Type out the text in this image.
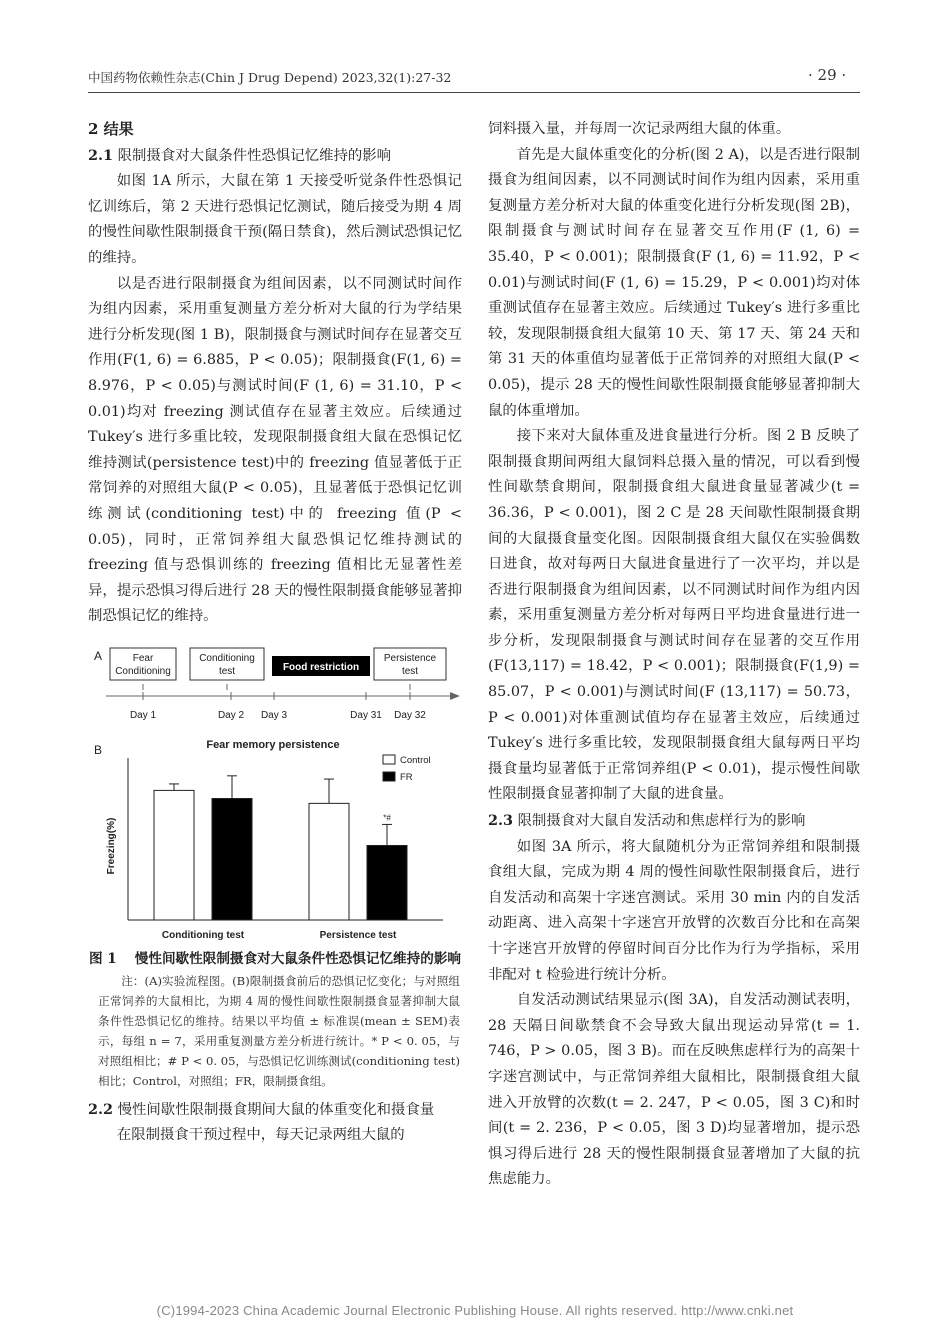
中国药物依赖性杂志(Chin J Drug Depend) 2023,32(1):27-32	· 29 ·
2 结果

2.1 限制摄食对大鼠条件性恐惧记忆维持的影响

如图 1A 所示，大鼠在第 1 天接受听觉条件性恐惧记忆训练后，第 2 天进行恐惧记忆测试，随后接受为期 4 周的慢性间歇性限制摄食干预(隔日禁食)，然后测试恐惧记忆的维持。

以是否进行限制摄食为组间因素，以不同测试时间作为组内因素，采用重复测量方差分析对大鼠的行为学结果进行分析发现(图 1 B)，限制摄食与测试时间存在显著交互作用(F(1, 6) = 6.885，P < 0.05)；限制摄食(F(1, 6) = 8.976，P < 0.05)与测试时间(F (1, 6) = 31.10，P < 0.01)均对 freezing 测试值存在显著主效应。后续通过 Tukey′s 进行多重比较，发现限制摄食组大鼠在恐惧记忆维持测试(persistence test)中的 freezing 值显著低于正常饲养的对照组大鼠(P < 0.05)，且显著低于恐惧记忆训练测试(conditioning test)中的 freezing 值(P < 0.05)，同时，正常饲养组大鼠恐惧记忆维持测试的 freezing 值与恐惧训练的 freezing 值相比无显著性差异，提示恐惧习得后进行 28 天的慢性限制摄食能够显著抑制恐惧记忆的维持。

A	Fear
Conditioning
Conditioning
test	Food restriction
Persistence
test
Day 1	Day 2 Day 3	Day 31 Day 32
B	Fear memory persistence
Control
FR
Freezing(%)	*#
Conditioning test	Persistence test

图 1 慢性间歇性限制摄食对大鼠条件性恐惧记忆维持的影响

注：(A)实验流程图。(B)限制摄食前后的恐惧记忆变化；与对照组正常饲养的大鼠相比，为期 4 周的慢性间歇性限制摄食显著抑制大鼠条件性恐惧记忆的维持。结果以平均值 ± 标准误(mean ± SEM)表示，每组 n = 7，采用重复测量方差分析进行统计。* P < 0. 05，与对照组相比；# P < 0. 05，与恐惧记忆训练测试(conditioning test)相比；Control，对照组；FR，限制摄食组。

2.2 慢性间歇性限制摄食期间大鼠的体重变化和摄食量

在限制摄食干预过程中，每天记录两组大鼠的

饲料摄入量，并每周一次记录两组大鼠的体重。

首先是大鼠体重变化的分析(图 2 A)，以是否进行限制摄食为组间因素，以不同测试时间作为组内因素，采用重复测量方差分析对大鼠的体重变化进行分析发现(图 2B)，限制摄食与测试时间存在显著交互作用(F (1, 6) = 35.40，P < 0.001)；限制摄食(F (1, 6) = 11.92，P < 0.01)与测试时间(F (1, 6) = 15.29，P < 0.001)均对体重测试值存在显著主效应。后续通过 Tukey′s 进行多重比较，发现限制摄食组大鼠第 10 天、第 17 天、第 24 天和第 31 天的体重值均显著低于正常饲养的对照组大鼠(P < 0.05)，提示 28 天的慢性间歇性限制摄食能够显著抑制大鼠的体重增加。

接下来对大鼠体重及进食量进行分析。图 2 B 反映了限制摄食期间两组大鼠饲料总摄入量的情况，可以看到慢性间歇禁食期间，限制摄食组大鼠进食量显著减少(t = 36.36，P < 0.001)，图 2 C 是 28 天间歇性限制摄食期间的大鼠摄食量变化图。因限制摄食组大鼠仅在实验偶数日进食，故对每两日大鼠进食量进行了一次平均，并以是否进行限制摄食为组间因素，以不同测试时间作为组内因素，采用重复测量方差分析对每两日平均进食量进行进一步分析，发现限制摄食与测试时间存在显著的交互作用(F(13,117) = 18.42，P < 0.001)；限制摄食(F(1,9) = 85.07，P < 0.001)与测试时间(F (13,117) = 50.73，P < 0.001)对体重测试值均存在显著主效应，后续通过 Tukey′s 进行多重比较，发现限制摄食组大鼠每两日平均摄食量均显著低于正常饲养组(P < 0.01)，提示慢性间歇性限制摄食显著抑制了大鼠的进食量。

2.3 限制摄食对大鼠自发活动和焦虑样行为的影响

如图 3A 所示，将大鼠随机分为正常饲养组和限制摄食组大鼠，完成为期 4 周的慢性间歇性限制摄食后，进行自发活动和高架十字迷宫测试。采用 30 min 内的自发活动距离、进入高架十字迷宫开放臂的次数百分比和在高架十字迷宫开放臂的停留时间百分比作为行为学指标，采用非配对 t 检验进行统计分析。

自发活动测试结果显示(图 3A)，自发活动测试表明，28 天隔日间歇禁食不会导致大鼠出现运动异常(t = 1. 746，P > 0.05，图 3 B)。而在反映焦虑样行为的高架十字迷宫测试中，与正常饲养组大鼠相比，限制摄食组大鼠进入开放臂的次数(t = 2. 247，P < 0.05，图 3 C)和时间(t = 2. 236，P < 0.05，图 3 D)均显著增加，提示恐惧习得后进行 28 天的慢性限制摄食显著增加了大鼠的抗焦虑能力。

(C)1994-2023 China Academic Journal Electronic Publishing House. All rights reserved. http://www.cnki.net
